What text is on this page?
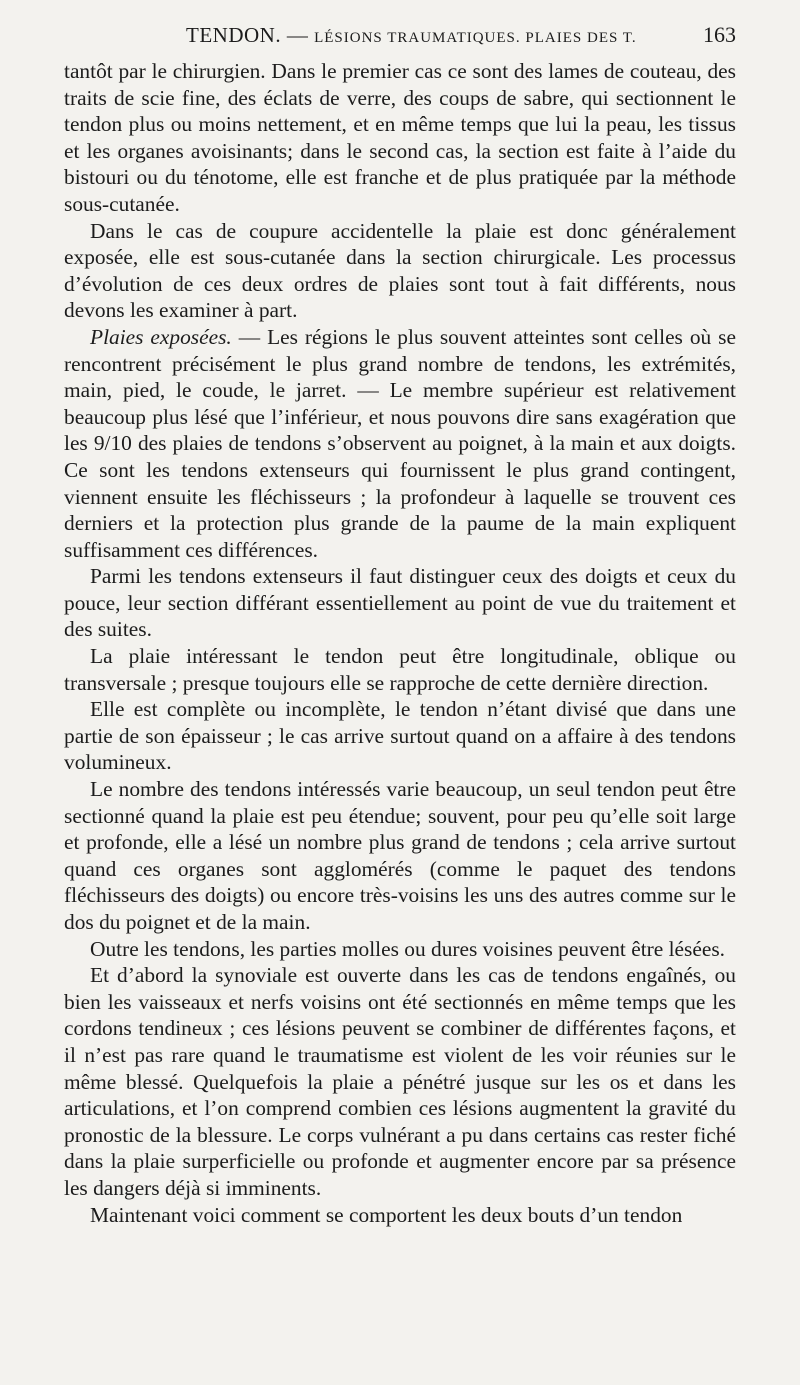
TENDON. — LÉSIONS TRAUMATIQUES. PLAIES DES T.	163

tantôt par le chirurgien. Dans le premier cas ce sont des lames de couteau, des traits de scie fine, des éclats de verre, des coups de sabre, qui sectionnent le tendon plus ou moins nettement, et en même temps que lui la peau, les tissus et les organes avoisinants; dans le second cas, la section est faite à l’aide du bistouri ou du ténotome, elle est franche et de plus pratiquée par la méthode sous-cutanée.

Dans le cas de coupure accidentelle la plaie est donc généralement exposée, elle est sous-cutanée dans la section chirurgicale. Les processus d’évolution de ces deux ordres de plaies sont tout à fait différents, nous devons les examiner à part.

Plaies exposées. — Les régions le plus souvent atteintes sont celles où se rencontrent précisément le plus grand nombre de tendons, les extrémités, main, pied, le coude, le jarret. — Le membre supérieur est relativement beaucoup plus lésé que l’inférieur, et nous pouvons dire sans exagération que les 9/10 des plaies de tendons s’observent au poignet, à la main et aux doigts. Ce sont les tendons extenseurs qui fournissent le plus grand contingent, viennent ensuite les fléchisseurs ; la profondeur à laquelle se trouvent ces derniers et la protection plus grande de la paume de la main expliquent suffisamment ces différences.

Parmi les tendons extenseurs il faut distinguer ceux des doigts et ceux du pouce, leur section différant essentiellement au point de vue du traitement et des suites.

La plaie intéressant le tendon peut être longitudinale, oblique ou transversale ; presque toujours elle se rapproche de cette dernière direction.

Elle est complète ou incomplète, le tendon n’étant divisé que dans une partie de son épaisseur ; le cas arrive surtout quand on a affaire à des tendons volumineux.

Le nombre des tendons intéressés varie beaucoup, un seul tendon peut être sectionné quand la plaie est peu étendue; souvent, pour peu qu’elle soit large et profonde, elle a lésé un nombre plus grand de tendons ; cela arrive surtout quand ces organes sont agglomérés (comme le paquet des tendons fléchisseurs des doigts) ou encore très-voisins les uns des autres comme sur le dos du poignet et de la main.

Outre les tendons, les parties molles ou dures voisines peuvent être lésées.

Et d’abord la synoviale est ouverte dans les cas de tendons engaînés, ou bien les vaisseaux et nerfs voisins ont été sectionnés en même temps que les cordons tendineux ; ces lésions peuvent se combiner de différentes façons, et il n’est pas rare quand le traumatisme est violent de les voir réunies sur le même blessé. Quelquefois la plaie a pénétré jusque sur les os et dans les articulations, et l’on comprend combien ces lésions augmentent la gravité du pronostic de la blessure. Le corps vulnérant a pu dans certains cas rester fiché dans la plaie surperficielle ou profonde et augmenter encore par sa présence les dangers déjà si imminents.

Maintenant voici comment se comportent les deux bouts d’un tendon
